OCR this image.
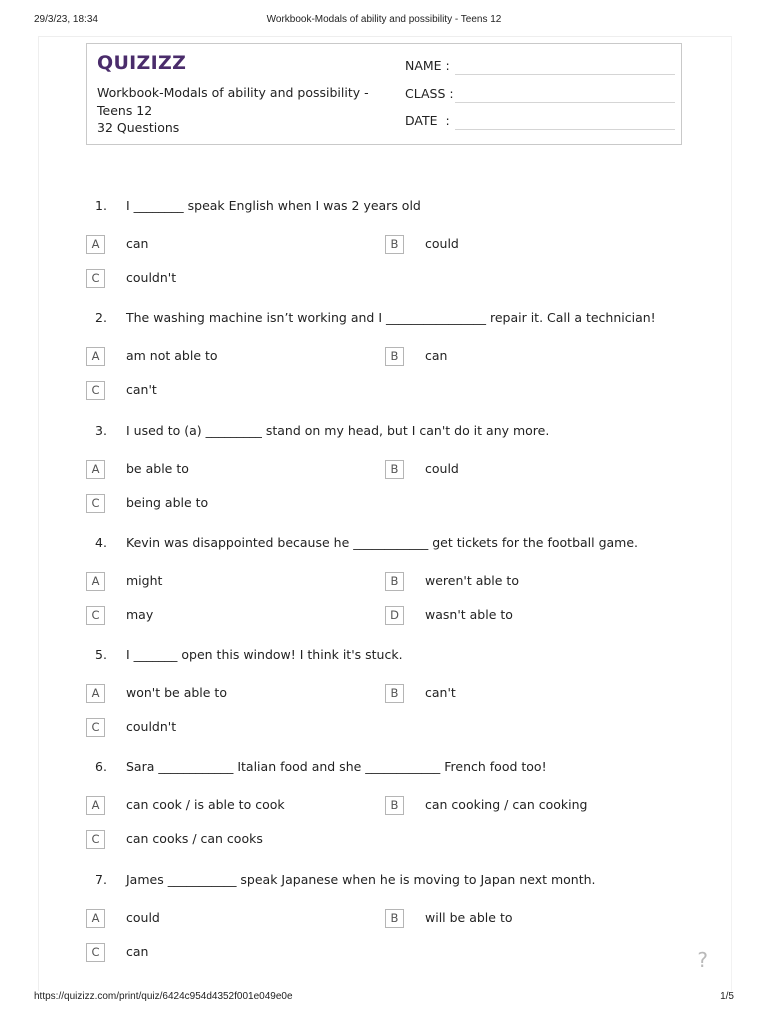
29/3/23, 18:34	Workbook-Modals of ability and possibility - Teens 12
QUIZIZZ
Workbook-Modals of ability and possibility - Teens 12
32 Questions
NAME :
CLASS :
DATE  :
1.	I ________ speak English when I was 2 years old
A	can	B	could
C	couldn't
2.	The washing machine isn’t working and I ________________ repair it. Call a technician!
A	am not able to	B	can
C	can't
3.	I used to (a) _________ stand on my head, but I can't do it any more.
A	be able to	B	could
C	being able to
4.	Kevin was disappointed because he ____________ get tickets for the football game.
A	might	B	weren't able to
C	may	D	wasn't able to
5.	I _______ open this window! I think it's stuck.
A	won't be able to	B	can't
C	couldn't
6.	Sara ____________ Italian food and she ____________ French food too!
A	can cook / is able to cook	B	can cooking / can cooking
C	can cooks / can cooks
7.	James ___________ speak Japanese when he is moving to Japan next month.
A	could	B	will be able to
C	can	?
https://quizizz.com/print/quiz/6424c954d4352f001e049e0e	1/5
